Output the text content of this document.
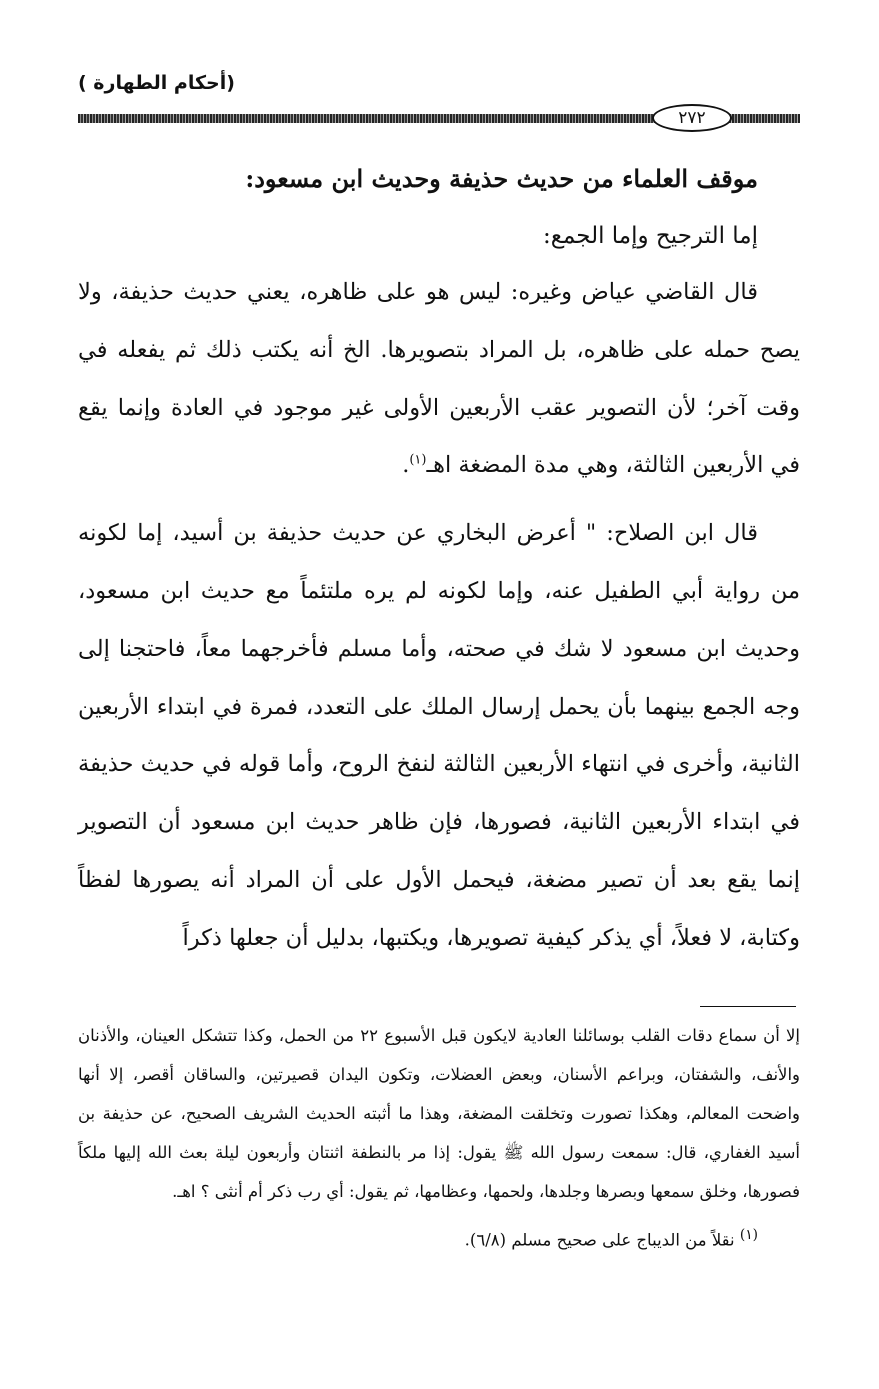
(أحكام الطهارة )
٢٧٢

موقف العلماء من حديث حذيفة وحديث ابن مسعود:

إما الترجيح وإما الجمع:

قال القاضي عياض وغيره: ليس هو على ظاهره، يعني حديث حذيفة، ولا يصح حمله على ظاهره، بل المراد بتصويرها. الخ أنه يكتب ذلك ثم يفعله في وقت آخر؛ لأن التصوير عقب الأربعين الأولى غير موجود في العادة وإنما يقع في الأربعين الثالثة، وهي مدة المضغة اهـ$^{(١)}$.

قال ابن الصلاح: " أعرض البخاري عن حديث حذيفة بن أسيد، إما لكونه من رواية أبي الطفيل عنه، وإما لكونه لم يره ملتئماً مع حديث ابن مسعود، وحديث ابن مسعود لا شك في صحته، وأما مسلم فأخرجهما معاً، فاحتجنا إلى وجه الجمع بينهما بأن يحمل إرسال الملك على التعدد، فمرة في ابتداء الأربعين الثانية، وأخرى في انتهاء الأربعين الثالثة لنفخ الروح، وأما قوله في حديث حذيفة في ابتداء الأربعين الثانية، فصورها، فإن ظاهر حديث ابن مسعود أن التصوير إنما يقع بعد أن تصير مضغة، فيحمل الأول على أن المراد أنه يصورها لفظاً وكتابة، لا فعلاً، أي يذكر كيفية تصويرها، ويكتبها، بدليل أن جعلها ذكراً

إلا أن سماع دقات القلب بوسائلنا العادية لايكون قبل الأسبوع ٢٢ من الحمل، وكذا تتشكل العينان، والأذنان والأنف، والشفتان، وبراعم الأسنان، وبعض العضلات، وتكون اليدان قصيرتين، والساقان أقصر، إلا أنها واضحت المعالم، وهكذا تصورت وتخلقت المضغة، وهذا ما أثبته الحديث الشريف الصحيح، عن حذيفة بن أسيد الغفاري، قال: سمعت رسول الله ﷺ يقول: إذا مر بالنطفة اثنتان وأربعون ليلة بعث الله إليها ملكاً فصورها، وخلق سمعها وبصرها وجلدها، ولحمها، وعظامها، ثم يقول: أي رب ذكر أم أنثى ؟ اهـ.

$^{(١)}$ نقلاً من الديباج على صحيح مسلم (٦/٨).
